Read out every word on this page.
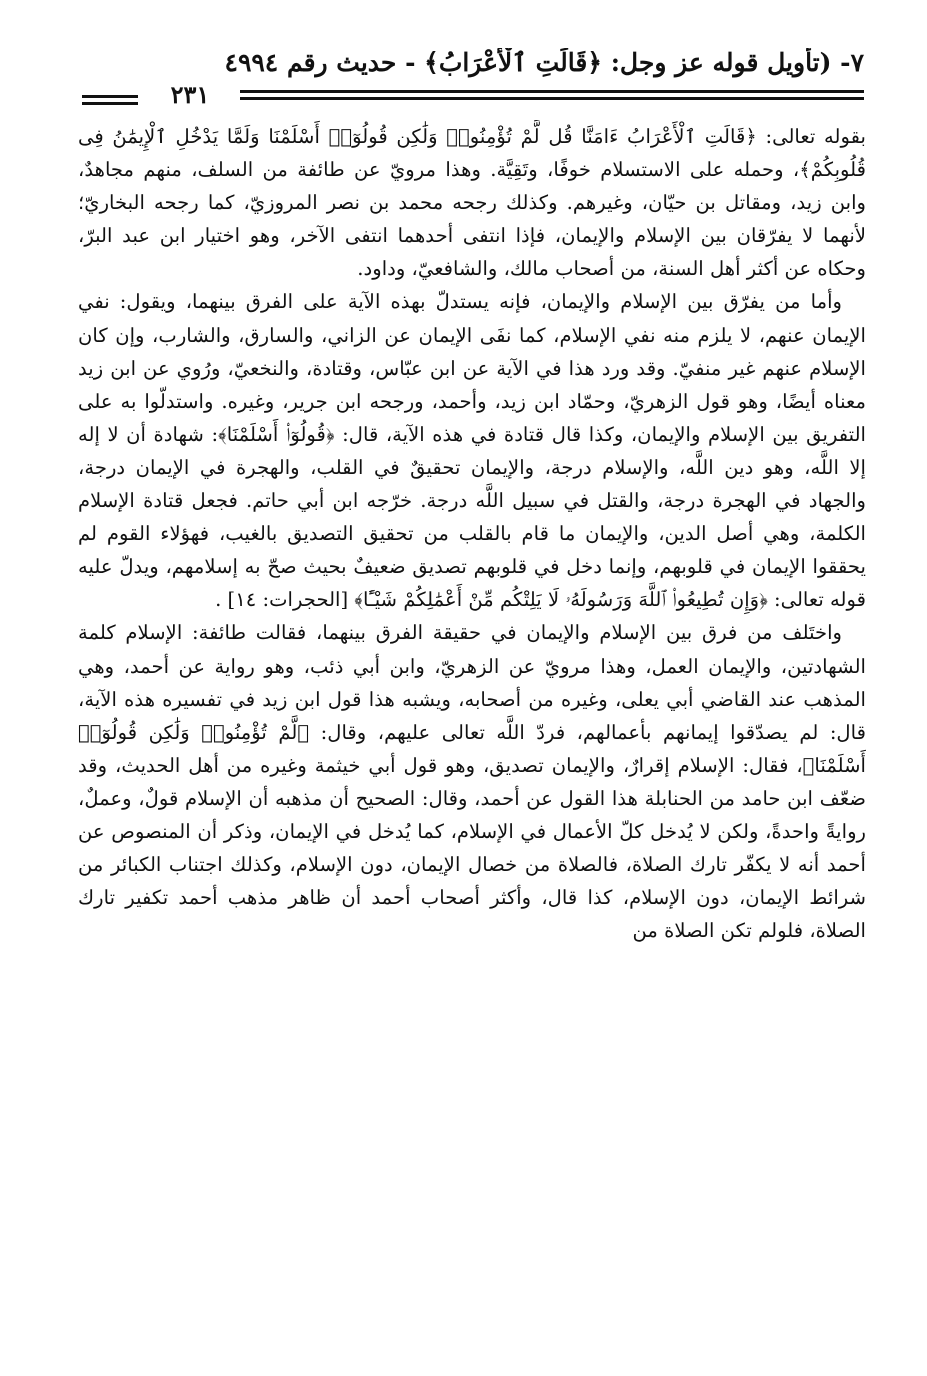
٧- (تأويل قوله عز وجل: ﴿قَالَتِ ٱلْأَعْرَابُ﴾ - حديث رقم ٤٩٩٤
٢٣١

بقوله تعالى: ﴿قَالَتِ ٱلْأَعْرَابُ ءَامَنَّا قُل لَّمْ تُؤْمِنُوا۟ وَلَٰكِن قُولُوٓا۟ أَسْلَمْنَا وَلَمَّا يَدْخُلِ ٱلْإِيمَٰنُ فِى قُلُوبِكُمْ﴾، وحمله على الاستسلام خوفًا، وتَقِيَّة. وهذا مرويّ عن طائفة من السلف، منهم مجاهدٌ، وابن زيد، ومقاتل بن حيّان، وغيرهم. وكذلك رجحه محمد بن نصر المروزيّ، كما رجحه البخاريّ؛ لأنهما لا يفرّقان بين الإسلام والإيمان، فإذا انتفى أحدهما انتفى الآخر، وهو اختيار ابن عبد البرّ، وحكاه عن أكثر أهل السنة، من أصحاب مالك، والشافعيّ، وداود.

وأما من يفرّق بين الإسلام والإيمان، فإنه يستدلّ بهذه الآية على الفرق بينهما، ويقول: نفي الإيمان عنهم، لا يلزم منه نفي الإسلام، كما نفَى الإيمان عن الزاني، والسارق، والشارب، وإن كان الإسلام عنهم غير منفيّ. وقد ورد هذا في الآية عن ابن عبّاس، وقتادة، والنخعيّ، ورُوي عن ابن زيد معناه أيضًا، وهو قول الزهريّ، وحمّاد ابن زيد، وأحمد، ورجحه ابن جرير، وغيره. واستدلّوا به على التفريق بين الإسلام والإيمان، وكذا قال قتادة في هذه الآية، قال: ﴿قُولُوٓا۟ أَسْلَمْنَا﴾: شهادة أن لا إله إلا اللَّه، وهو دين اللَّه، والإسلام درجة، والإيمان تحقيقٌ في القلب، والهجرة في الإيمان درجة، والجهاد في الهجرة درجة، والقتل في سبيل اللَّه درجة. خرّجه ابن أبي حاتم. فجعل قتادة الإسلام الكلمة، وهي أصل الدين، والإيمان ما قام بالقلب من تحقيق التصديق بالغيب، فهؤلاء القوم لم يحققوا الإيمان في قلوبهم، وإنما دخل في قلوبهم تصديق ضعيفٌ بحيث صحّ به إسلامهم، ويدلّ عليه قوله تعالى: ﴿وَإِن تُطِيعُوا۟ ٱللَّهَ وَرَسُولَهُۥ لَا يَلِتْكُم مِّنْ أَعْمَٰلِكُمْ شَيْـًٔا﴾ [الحجرات: ١٤] .

واختَلف من فرق بين الإسلام والإيمان في حقيقة الفرق بينهما، فقالت طائفة: الإسلام كلمة الشهادتين، والإيمان العمل، وهذا مرويّ عن الزهريّ، وابن أبي ذئب، وهو رواية عن أحمد، وهي المذهب عند القاضي أبي يعلى، وغيره من أصحابه، ويشبه هذا قول ابن زيد في تفسيره هذه الآية، قال: لم يصدّقوا إيمانهم بأعمالهم، فردّ اللَّه تعالى عليهم، وقال: ﴿لَّمْ تُؤْمِنُوا۟ وَلَٰكِن قُولُوٓا۟ أَسْلَمْنَا﴾، فقال: الإسلام إقرارٌ، والإيمان تصديق، وهو قول أبي خيثمة وغيره من أهل الحديث، وقد ضعّف ابن حامد من الحنابلة هذا القول عن أحمد، وقال: الصحيح أن مذهبه أن الإسلام قولٌ، وعملٌ، روايةً واحدةً، ولكن لا يُدخل كلّ الأعمال في الإسلام، كما يُدخل في الإيمان، وذكر أن المنصوص عن أحمد أنه لا يكفّر تارك الصلاة، فالصلاة من خصال الإيمان، دون الإسلام، وكذلك اجتناب الكبائر من شرائط الإيمان، دون الإسلام، كذا قال، وأكثر أصحاب أحمد أن ظاهر مذهب أحمد تكفير تارك الصلاة، فلولم تكن الصلاة من
